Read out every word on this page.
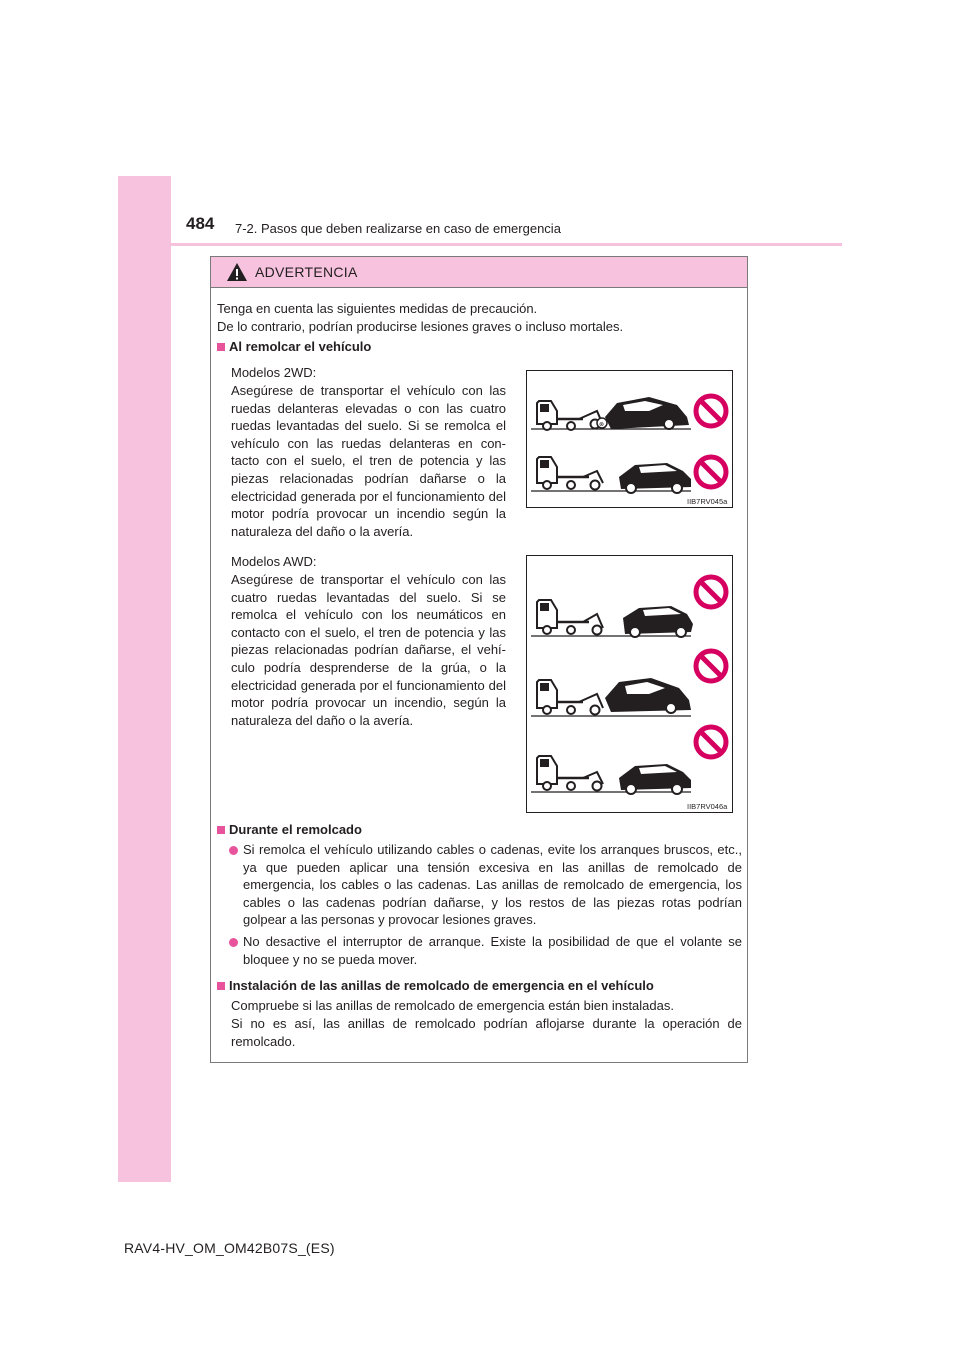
484 7-2. Pasos que deben realizarse en caso de emergencia
ADVERTENCIA
Tenga en cuenta las siguientes medidas de precaución.
De lo contrario, podrían producirse lesiones graves o incluso mortales.
Al remolcar el vehículo
Modelos 2WD:
Asegúrese de transportar el vehículo con las ruedas delanteras elevadas o con las cuatro ruedas levantadas del suelo. Si se remolca el vehículo con las ruedas delanteras en con-tacto con el suelo, el tren de potencia y las piezas relacionadas podrían dañarse o la electricidad generada por el funcionamiento del motor podría provocar un incendio según la naturaleza del daño o la avería.
Modelos AWD:
Asegúrese de transportar el vehículo con las cuatro ruedas levantadas del suelo. Si se remolca el vehículo con los neumáticos en contacto con el suelo, el tren de potencia y las piezas relacionadas podrían dañarse, el vehí-culo podría desprenderse de la grúa, o la electricidad generada por el funcionamiento del motor podría provocar un incendio, según la naturaleza del daño o la avería.
⊗
IIB7RV045a
IIB7RV046a
Durante el remolcado
Si remolca el vehículo utilizando cables o cadenas, evite los arranques bruscos, etc., ya que pueden aplicar una tensión excesiva en las anillas de remolcado de emergencia, los cables o las cadenas. Las anillas de remolcado de emergencia, los cables o las cadenas podrían dañarse, y los restos de las piezas rotas podrían golpear a las personas y provocar lesiones graves.
No desactive el interruptor de arranque. Existe la posibilidad de que el volante se bloquee y no se pueda mover.
Instalación de las anillas de remolcado de emergencia en el vehículo
Compruebe si las anillas de remolcado de emergencia están bien instaladas.
Si no es así, las anillas de remolcado podrían aflojarse durante la operación de remolcado.
RAV4-HV_OM_OM42B07S_(ES)
